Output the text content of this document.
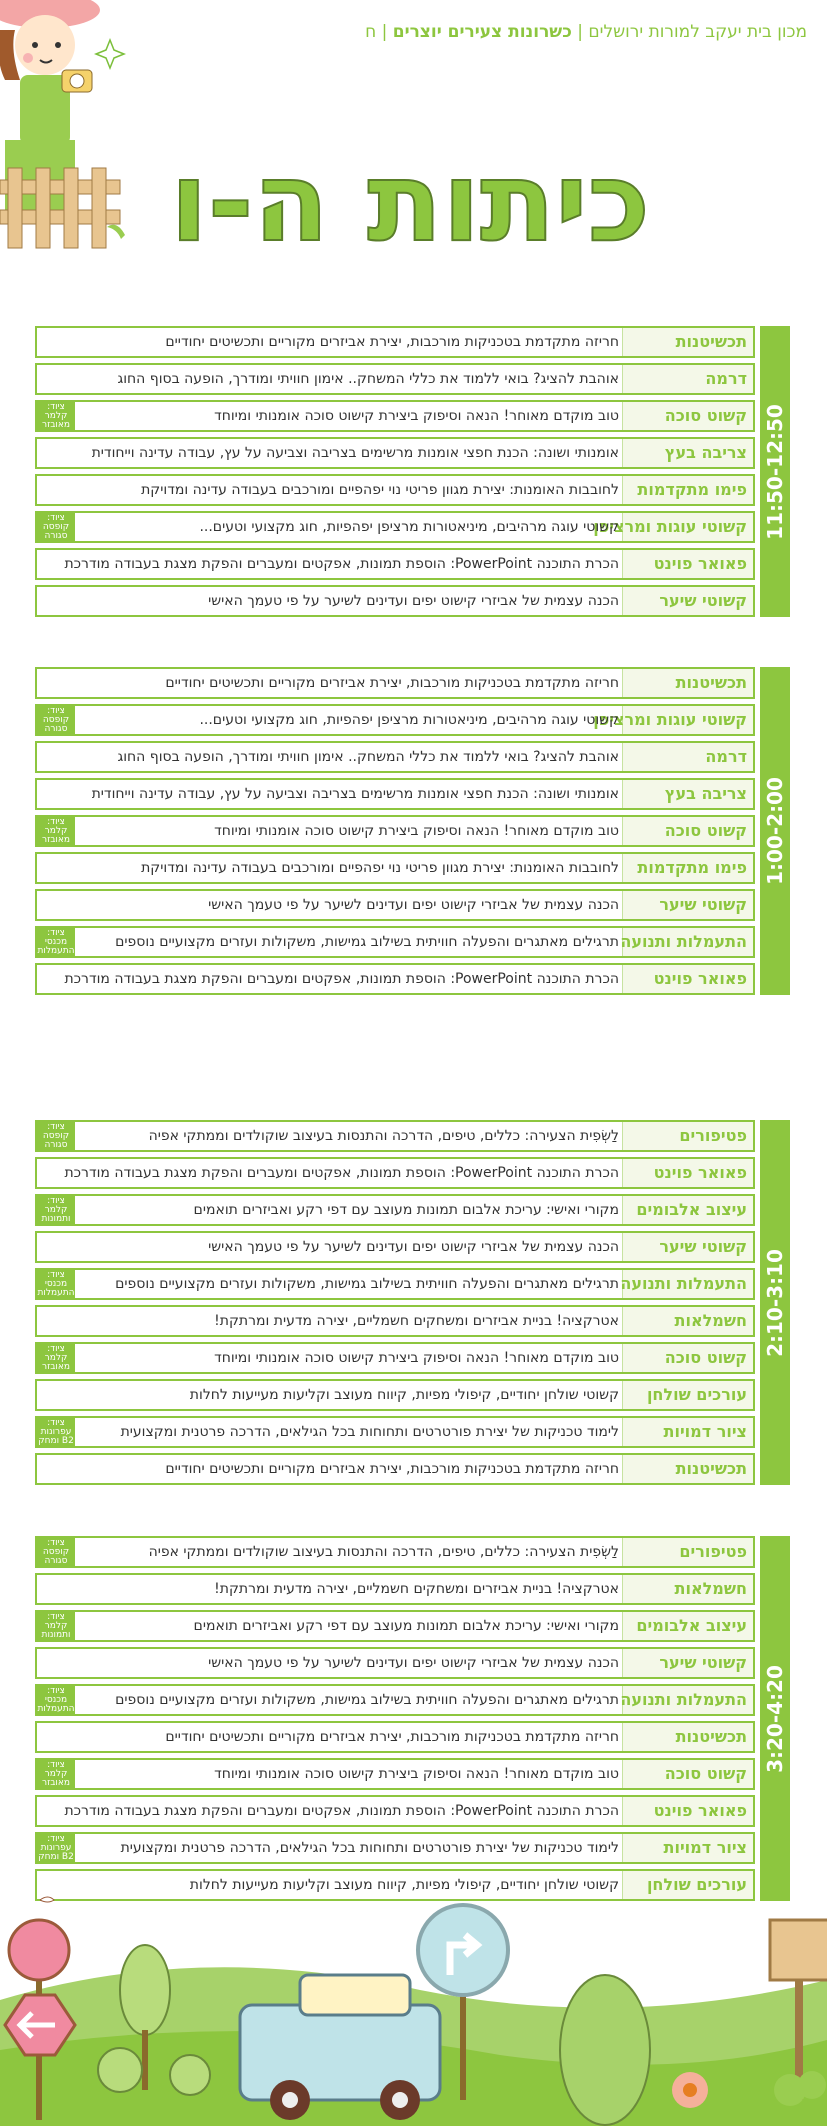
מכון בית יעקב למורות ירושלים | כשרונות צעירים יוצרים | ח
כיתות ה-ו
11:50-12:50
תכשיטנות
חריזה מתקדמת בטכניקות מורכבות, יצירת אביזרים מקוריים ותכשיטים יחודיים
דרמה
אוהבת להציג? בואי ללמוד את כללי המשחק.. אימון חוויתי ומודרך, הופעה בסוף החוג
קשוט סוכה
טוב מוקדם מאוחר! הנאה וסיפוק ביצירת קישוט סוכה אומנותי ומיוחד
ציוד: קלמר מאובזר
צריבה בעץ
אומנותי ושונה: הכנת חפצי אומנות מרשימים בצריבה וצביעה על עץ, עבודה עדינה וייחודית
פימו מתקדמות
לחובבות האומנות: יצירת מגוון פריטי נוי יפהפיים ומורכבים בעבודה עדינה ומדויקת
קשוטי עוגות ומרציפן
קשוטי עוגה מרהיבים, מיניאטורות מרציפן יפהפיות, חוג מקצועי וטעים...
ציוד: קופסה סגורה
פאואר פוינט
הכרת התוכנה PowerPoint: הוספת תמונות, אפקטים ומעברים והפקת מצגת בעבודה מודרכת
קשוטי שיער
הכנה עצמית של אביזרי קישוט יפים ועדינים לשיער על פי טעמך האישי
1:00-2:00
תכשיטנות
חריזה מתקדמת בטכניקות מורכבות, יצירת אביזרים מקוריים ותכשיטים יחודיים
קשוטי עוגות ומרציפן
קשוטי עוגה מרהיבים, מיניאטורות מרציפן יפהפיות, חוג מקצועי וטעים...
ציוד: קופסה סגורה
דרמה
אוהבת להציג? בואי ללמוד את כללי המשחק.. אימון חוויתי ומודרך, הופעה בסוף החוג
צריבה בעץ
אומנותי ושונה: הכנת חפצי אומנות מרשימים בצריבה וצביעה על עץ, עבודה עדינה וייחודית
קשוט סוכה
טוב מוקדם מאוחר! הנאה וסיפוק ביצירת קישוט סוכה אומנותי ומיוחד
ציוד: קלמר מאובזר
פימו מתקדמות
לחובבות האומנות: יצירת מגוון פריטי נוי יפהפיים ומורכבים בעבודה עדינה ומדויקת
קשוטי שיער
הכנה עצמית של אביזרי קישוט יפים ועדינים לשיער על פי טעמך האישי
התעמלות ותנועה
תרגילים מאתגרים והפעלה חוויתית בשילוב גמישות, משקולות ועזרים מקצועיים נוספים
ציוד: מכנסי התעמלות
פאואר פוינט
הכרת התוכנה PowerPoint: הוספת תמונות, אפקטים ומעברים והפקת מצגת בעבודה מודרכת
2:10-3:10
פטיפורים
לַשְׂפִית הצעירה: כללים, טיפים, הדרכה והתנסות בעיצוב שוקולדים וממתקי אפיה
ציוד: קופסה סגורה
פאואר פוינט
הכרת התוכנה PowerPoint: הוספת תמונות, אפקטים ומעברים והפקת מצגת בעבודה מודרכת
עיצוב אלבומים
מקורי ואישי: עריכת אלבום תמונות מעוצב עם דפי רקע ואביזרים תואמים
ציוד: קלמר ותמונות
קשוטי שיער
הכנה עצמית של אביזרי קישוט יפים ועדינים לשיער על פי טעמך האישי
התעמלות ותנועה
תרגילים מאתגרים והפעלה חוויתית בשילוב גמישות, משקולות ועזרים מקצועיים נוספים
ציוד: מכנסי התעמלות
חשמלאות
אטרקציה! בניית אביזרים ומשחקים חשמליים, יצירה מדעית ומרתקת!
קשוט סוכה
טוב מוקדם מאוחר! הנאה וסיפוק ביצירת קישוט סוכה אומנותי ומיוחד
ציוד: קלמר מאובזר
עורכים שולחן
קשוטי שולחן יחודיים, קיפולי מפיות, קיווח מעוצב וקליעות מעייעות לחלות
ציור דמויות
לימוד טכניקות של יצירת פורטרטים ותחוחות בכל הגילאים, הדרכה פרטנית ומקצועית
ציוד: עפרונות B2 ומחק
תכשיטנות
חריזה מתקדמת בטכניקות מורכבות, יצירת אביזרים מקוריים ותכשיטים יחודיים
3:20-4:20
פטיפורים
לַשְׂפִית הצעירה: כללים, טיפים, הדרכה והתנסות בעיצוב שוקולדים וממתקי אפיה
ציוד: קופסה סגורה
חשמלאות
אטרקציה! בניית אביזרים ומשחקים חשמליים, יצירה מדעית ומרתקת!
עיצוב אלבומים
מקורי ואישי: עריכת אלבום תמונות מעוצב עם דפי רקע ואביזרים תואמים
ציוד: קלמר ותמונות
קשוטי שיער
הכנה עצמית של אביזרי קישוט יפים ועדינים לשיער על פי טעמך האישי
התעמלות ותנועה
תרגילים מאתגרים והפעלה חוויתית בשילוב גמישות, משקולות ועזרים מקצועיים נוספים
ציוד: מכנסי התעמלות
תכשיטנות
חריזה מתקדמת בטכניקות מורכבות, יצירת אביזרים מקוריים ותכשיטים יחודיים
קשוט סוכה
טוב מוקדם מאוחר! הנאה וסיפוק ביצירת קישוט סוכה אומנותי ומיוחד
ציוד: קלמר מאובזר
פאואר פוינט
הכרת התוכנה PowerPoint: הוספת תמונות, אפקטים ומעברים והפקת מצגת בעבודה מודרכת
ציור דמויות
לימוד טכניקות של יצירת פורטרטים ותחוחות בכל הגילאים, הדרכה פרטנית ומקצועית
ציוד: עפרונות B2 ומחק
עורכים שולחן
קשוטי שולחן יחודיים, קיפולי מפיות, קיווח מעוצב וקליעות מעייעות לחלות
